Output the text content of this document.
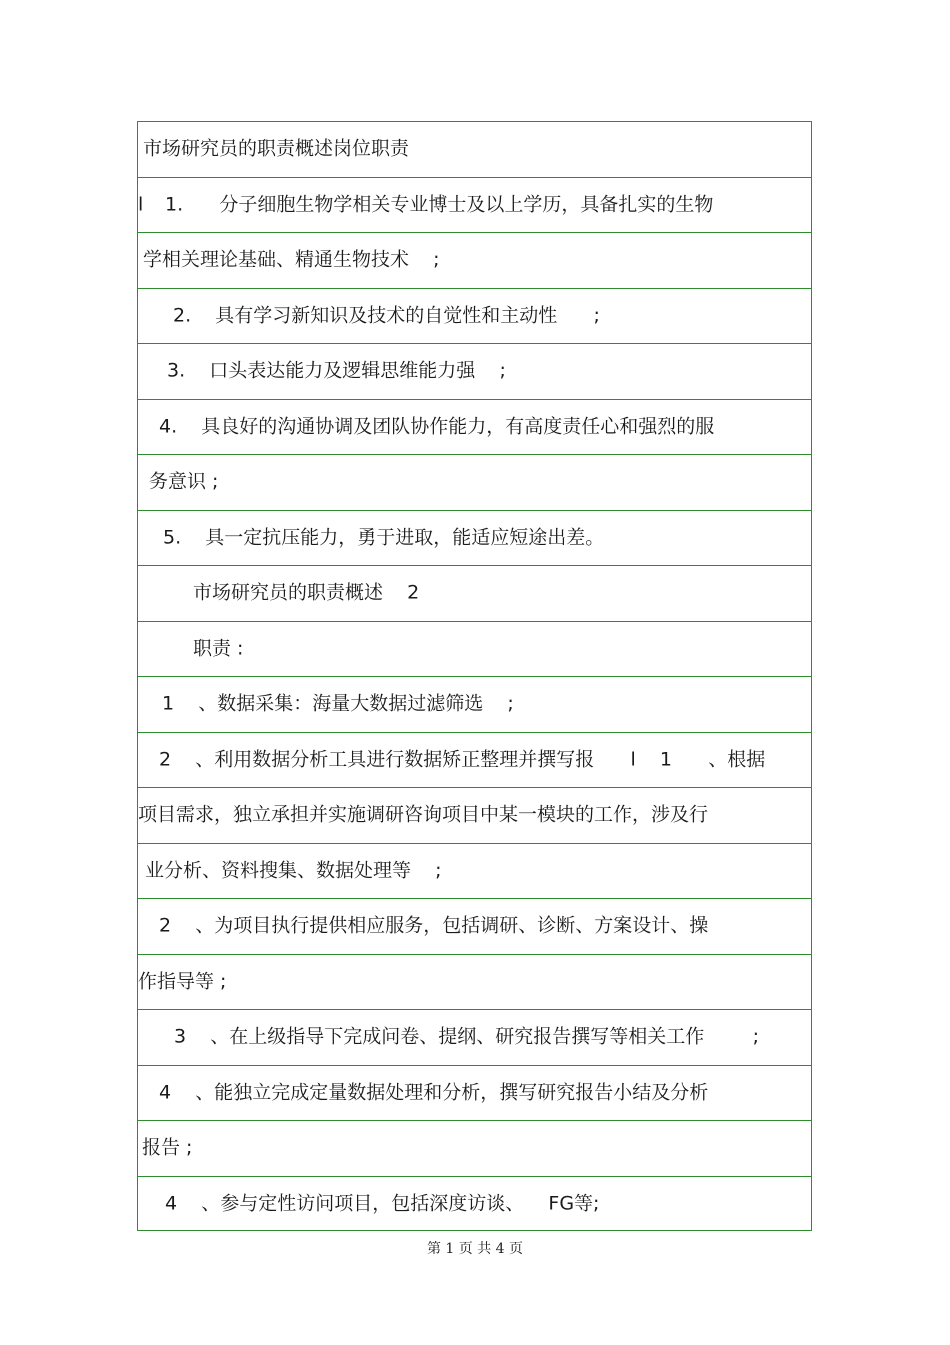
市场研究员的职责概述岗位职责
l 1.      分子细胞生物学相关专业博士及以上学历，具备扎实的生物
学相关理论基础、精通生物技术    ;
2.    具有学习新知识及技术的自觉性和主动性      ;
3.    口头表达能力及逻辑思维能力强    ;
4.    具良好的沟通协调及团队协作能力，有高度责任心和强烈的服
务意识 ;
5.    具一定抗压能力，勇于进取，能适应短途出差。
市场研究员的职责概述    2
职责 :
1    、数据采集：海量大数据过滤筛选    ;
2    、利用数据分析工具进行数据矫正整理并撰写报      l    1      、根据
项目需求，独立承担并实施调研咨询项目中某一模块的工作，涉及行
业分析、资料搜集、数据处理等    ;
2    、为项目执行提供相应服务，包括调研、诊断、方案设计、操
作指导等 ;
3    、在上级指导下完成问卷、提纲、研究报告撰写等相关工作        ;
4    、能独立完成定量数据处理和分析，撰写研究报告小结及分析
报告 ;
4    、参与定性访问项目，包括深度访谈、    FG等;
第 1 页 共 4 页
